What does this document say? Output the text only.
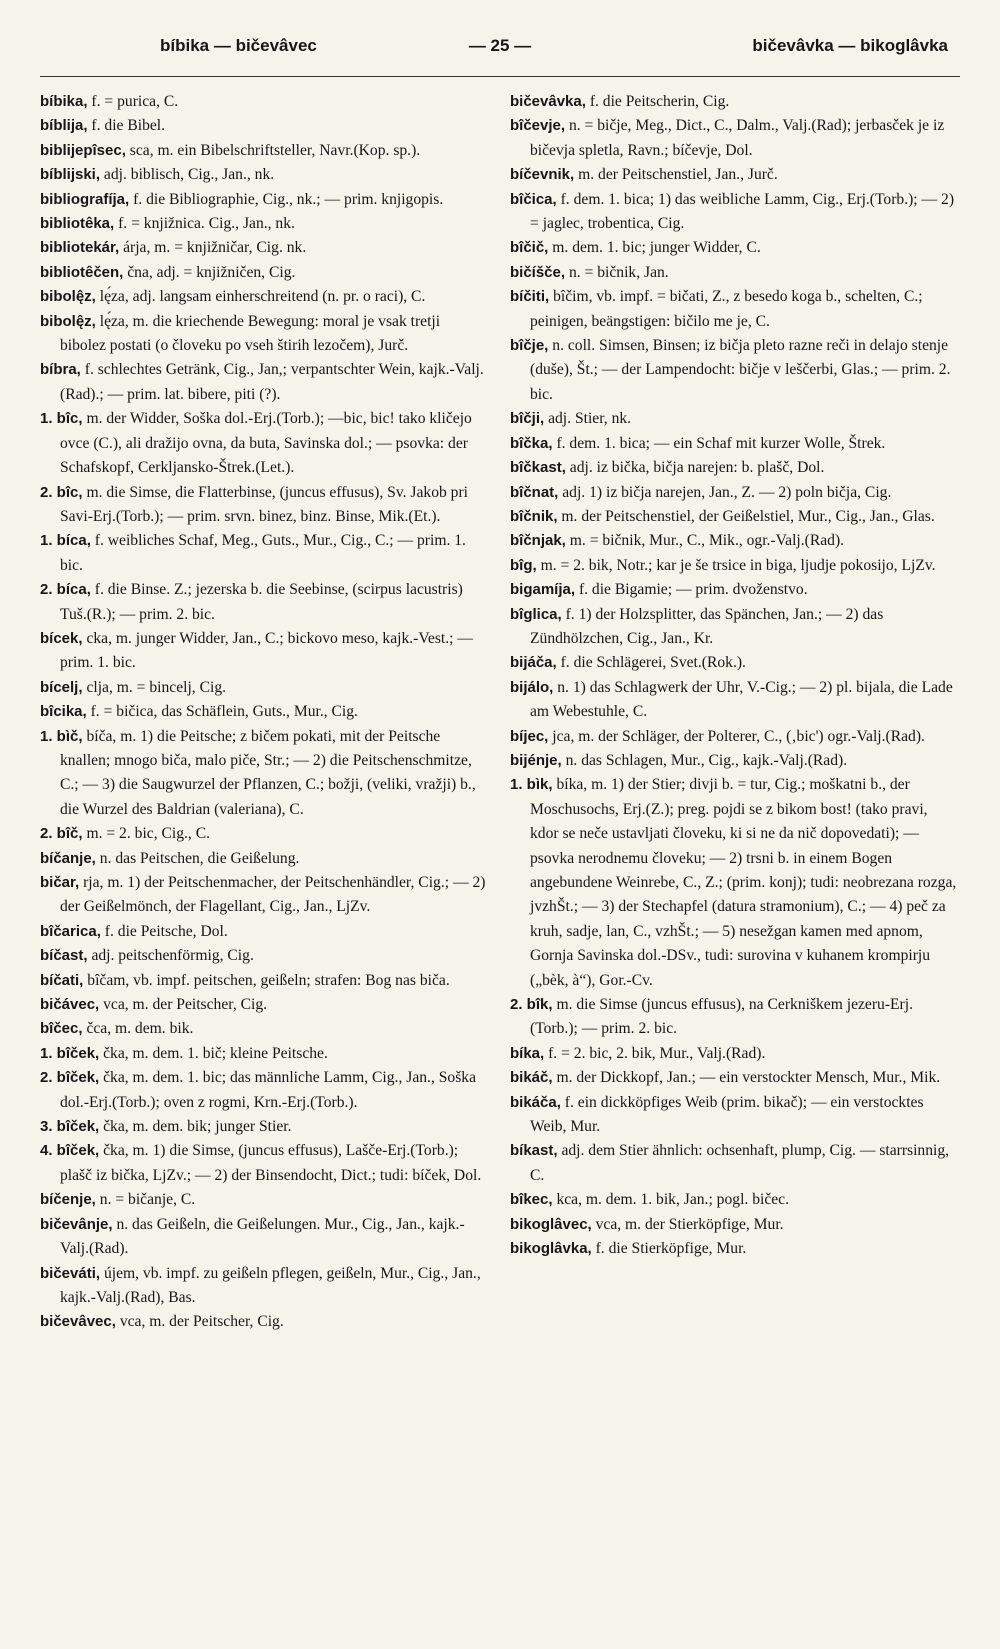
bíbika — bičevâvec	— 25 —	bičevâvka — bikoglâvka

bíbika, f. = purica, C.

bíblija, f. die Bibel.

biblijepîsec, sca, m. ein Bibelschriftsteller, Navr.(Kop. sp.).

bíblijski, adj. biblisch, Cig., Jan., nk.

bibliografíja, f. die Bibliographie, Cig., nk.; — prim. knjigopis.

bibliotêka, f. = knjižnica. Cig., Jan., nk.

bibliotekár, árja, m. = knjižničar, Cig. nk.

bibliotêčen, čna, adj. = knjižničen, Cig.

bibolę̂z, lę́za, adj. langsam einherschreitend (n. pr. o raci), C.

bibolę̂z, lę́za, m. die kriechende Bewegung: moral je vsak tretji bibolez postati (o človeku po vseh štirih lezočem), Jurč.

bíbra, f. schlechtes Getränk, Cig., Jan,; verpantschter Wein, kajk.-Valj.(Rad).; — prim. lat. bibere, piti (?).

1. bîc, m. der Widder, Soška dol.-Erj.(Torb.); —bic, bic! tako kličejo ovce (C.), ali dražijo ovna, da buta, Savinska dol.; — psovka: der Schafskopf, Cerkljansko-Štrek.(Let.).

2. bîc, m. die Simse, die Flatterbinse, (juncus effusus), Sv. Jakob pri Savi-Erj.(Torb.); — prim. srvn. binez, binz. Binse, Mik.(Et.).

1. bíca, f. weibliches Schaf, Meg., Guts., Mur., Cig., C.; — prim. 1. bic.

2. bíca, f. die Binse. Z.; jezerska b. die Seebinse, (scirpus lacustris) Tuš.(R.); — prim. 2. bic.

bícek, cka, m. junger Widder, Jan., C.; bickovo meso, kajk.-Vest.; — prim. 1. bic.

bícelj, clja, m. = bincelj, Cig.

bîcika, f. = bičica, das Schäflein, Guts., Mur., Cig.

1. bìč, bíča, m. 1) die Peitsche; z bičem pokati, mit der Peitsche knallen; mnogo biča, malo piče, Str.; — 2) die Peitschenschmitze, C.; — 3) die Saugwurzel der Pflanzen, C.; božji, (veliki, vražji) b., die Wurzel des Baldrian (valeriana), C.

2. bîč, m. = 2. bic, Cig., C.

bíčanje, n. das Peitschen, die Geißelung.

bičar, rja, m. 1) der Peitschenmacher, der Peitschenhändler, Cig.; — 2) der Geißelmönch, der Flagellant, Cig., Jan., LjZv.

bîčarica, f. die Peitsche, Dol.

bíčast, adj. peitschenförmig, Cig.

bíčati, bîčam, vb. impf. peitschen, geißeln; strafen: Bog nas biča.

bičávec, vca, m. der Peitscher, Cig.

bîčec, čca, m. dem. bik.

1. bîček, čka, m. dem. 1. bič; kleine Peitsche.

2. bîček, čka, m. dem. 1. bic; das männliche Lamm, Cig., Jan., Soška dol.-Erj.(Torb.); oven z rogmi, Krn.-Erj.(Torb.).

3. bîček, čka, m. dem. bik; junger Stier.

4. bîček, čka, m. 1) die Simse, (juncus effusus), Lašče-Erj.(Torb.); plašč iz bička, LjZv.; — 2) der Binsendocht, Dict.; tudi: bíček, Dol.

bíčenje, n. = bičanje, C.

bičevânje, n. das Geißeln, die Geißelungen. Mur., Cig., Jan., kajk.-Valj.(Rad).

bičeváti, újem, vb. impf. zu geißeln pflegen, geißeln, Mur., Cig., Jan., kajk.-Valj.(Rad), Bas.

bičevâvec, vca, m. der Peitscher, Cig.

bičevâvka, f. die Peitscherin, Cig.

bîčevje, n. = bičje, Meg., Dict., C., Dalm., Valj.(Rad); jerbasček je iz bičevja spletla, Ravn.; bíčevje, Dol.

bíčevnik, m. der Peitschenstiel, Jan., Jurč.

bîčica, f. dem. 1. bica; 1) das weibliche Lamm, Cig., Erj.(Torb.); — 2) = jaglec, trobentica, Cig.

bîčič, m. dem. 1. bic; junger Widder, C.

bičíšče, n. = bičnik, Jan.

bíčiti, bîčim, vb. impf. = bičati, Z., z besedo koga b., schelten, C.; peinigen, beängstigen: bičilo me je, C.

bîčje, n. coll. Simsen, Binsen; iz bičja pleto razne reči in delajo stenje (duše), Št.; — der Lampendocht: bičje v leščerbi, Glas.; — prim. 2. bic.

bîčji, adj. Stier, nk.

bîčka, f. dem. 1. bica; — ein Schaf mit kurzer Wolle, Štrek.

bîčkast, adj. iz bička, bičja narejen: b. plašč, Dol.

bîčnat, adj. 1) iz bičja narejen, Jan., Z. — 2) poln bičja, Cig.

bîčnik, m. der Peitschenstiel, der Geißelstiel, Mur., Cig., Jan., Glas.

bîčnjak, m. = bičnik, Mur., C., Mik., ogr.-Valj.(Rad).

bîg, m. = 2. bik, Notr.; kar je še trsice in biga, ljudje pokosijo, LjZv.

bigamíja, f. die Bigamie; — prim. dvoženstvo.

bîglica, f. 1) der Holzsplitter, das Spänchen, Jan.; — 2) das Zündhölzchen, Cig., Jan., Kr.

bijáča, f. die Schlägerei, Svet.(Rok.).

bijálo, n. 1) das Schlagwerk der Uhr, V.-Cig.; — 2) pl. bijala, die Lade am Webestuhle, C.

bíjec, jca, m. der Schläger, der Polterer, C., (‚bic') ogr.-Valj.(Rad).

bijénje, n. das Schlagen, Mur., Cig., kajk.-Valj.(Rad).

1. bìk, bíka, m. 1) der Stier; divji b. = tur, Cig.; moškatni b., der Moschusochs, Erj.(Z.); preg. pojdi se z bikom bost! (tako pravi, kdor se neče ustavljati človeku, ki si ne da nič dopovedati); — psovka nerodnemu človeku; — 2) trsni b. in einem Bogen angebundene Weinrebe, C., Z.; (prim. konj); tudi: neobrezana rozga, jvzhŠt.; — 3) der Stechapfel (datura stramonium), C.; — 4) peč za kruh, sadje, lan, C., vzhŠt.; — 5) nesežgan kamen med apnom, Gornja Savinska dol.-DSv., tudi: surovina v kuhanem krompirju („bèk, à“), Gor.-Cv.

2. bîk, m. die Simse (juncus effusus), na Cerkniškem jezeru-Erj.(Torb.); — prim. 2. bic.

bíka, f. = 2. bic, 2. bik, Mur., Valj.(Rad).

bikáč, m. der Dickkopf, Jan.; — ein verstockter Mensch, Mur., Mik.

bikáča, f. ein dickköpfiges Weib (prim. bikač); — ein verstocktes Weib, Mur.

bíkast, adj. dem Stier ähnlich: ochsenhaft, plump, Cig. — starrsinnig, C.

bîkec, kca, m. dem. 1. bik, Jan.; pogl. bičec.

bikoglâvec, vca, m. der Stierköpfige, Mur.

bikoglâvka, f. die Stierköpfige, Mur.
